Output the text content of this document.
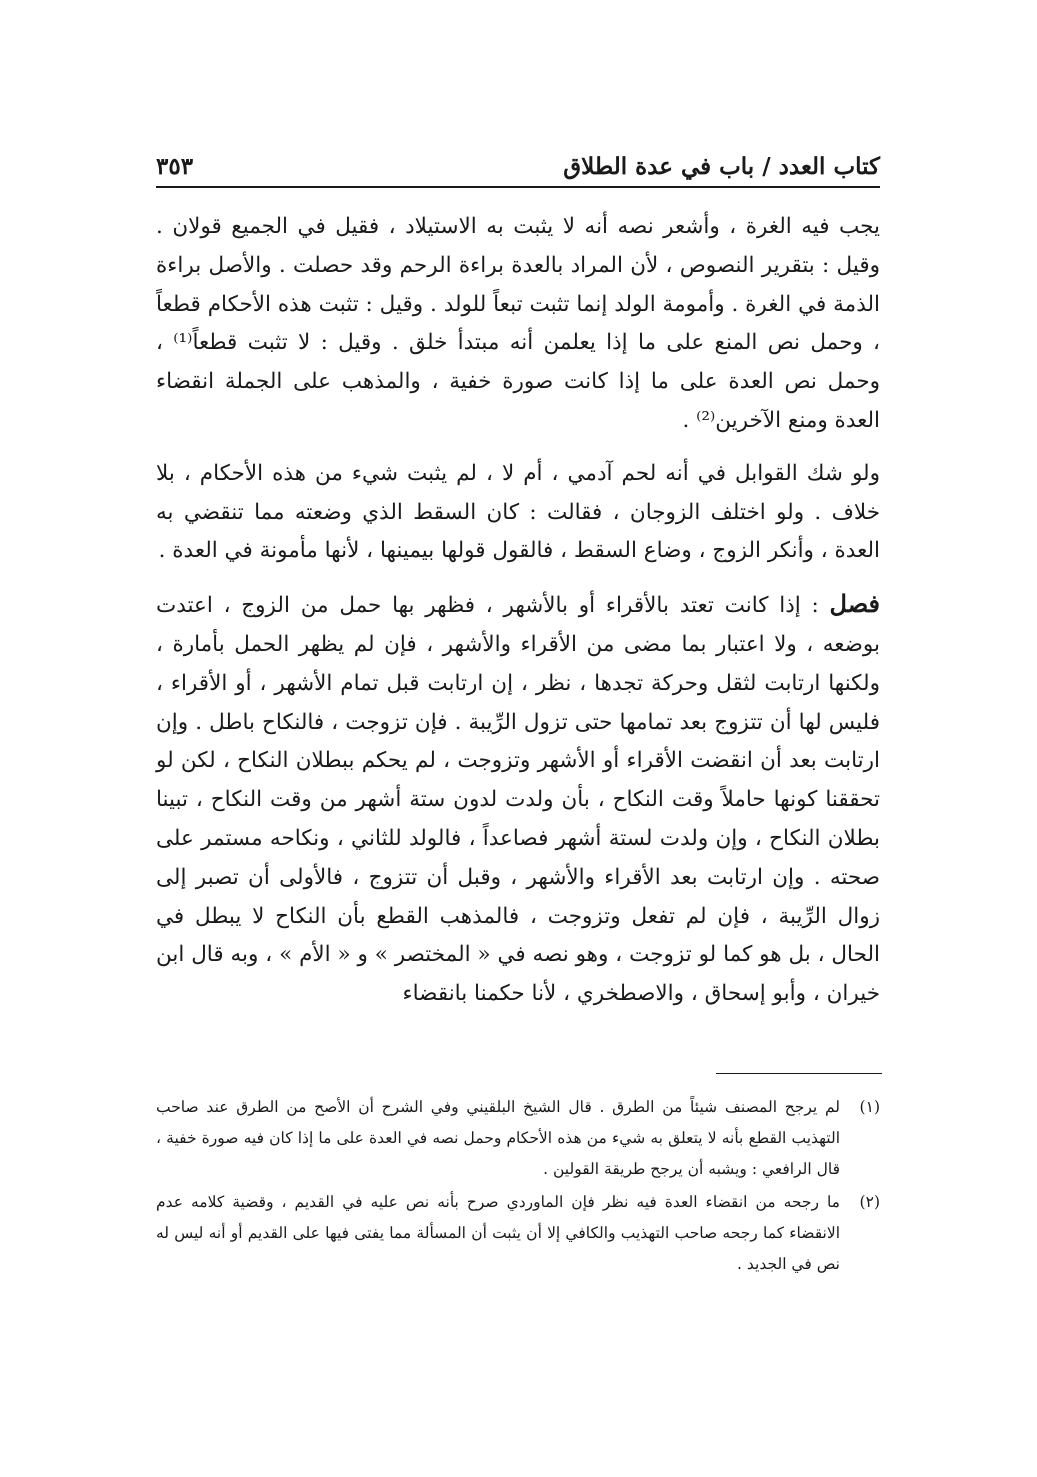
كتاب العدد / باب في عدة الطلاق
٣٥٣

يجب فيه الغرة ، وأشعر نصه أنه لا يثبت به الاستيلاد ، فقيل في الجميع قولان . وقيل : بتقرير النصوص ، لأن المراد بالعدة براءة الرحم وقد حصلت . والأصل براءة الذمة في الغرة . وأمومة الولد إنما تثبت تبعاً للولد . وقيل : تثبت هذه الأحكام قطعاً ، وحمل نص المنع على ما إذا يعلمن أنه مبتدأ خلق . وقيل : لا تثبت قطعاً⁽¹⁾ ، وحمل نص العدة على ما إذا كانت صورة خفية ، والمذهب على الجملة انقضاء العدة ومنع الآخرين⁽²⁾ .

ولو شك القوابل في أنه لحم آدمي ، أم لا ، لم يثبت شيء من هذه الأحكام ، بلا خلاف . ولو اختلف الزوجان ، فقالت : كان السقط الذي وضعته مما تنقضي به العدة ، وأنكر الزوج ، وضاع السقط ، فالقول قولها بيمينها ، لأنها مأمونة في العدة .

فصل : إذا كانت تعتد بالأقراء أو بالأشهر ، فظهر بها حمل من الزوج ، اعتدت بوضعه ، ولا اعتبار بما مضى من الأقراء والأشهر ، فإن لم يظهر الحمل بأمارة ، ولكنها ارتابت لثقل وحركة تجدها ، نظر ، إن ارتابت قبل تمام الأشهر ، أو الأقراء ، فليس لها أن تتزوج بعد تمامها حتى تزول الرِّيبة . فإن تزوجت ، فالنكاح باطل . وإن ارتابت بعد أن انقضت الأقراء أو الأشهر وتزوجت ، لم يحكم ببطلان النكاح ، لكن لو تحققنا كونها حاملاً وقت النكاح ، بأن ولدت لدون ستة أشهر من وقت النكاح ، تبينا بطلان النكاح ، وإن ولدت لستة أشهر فصاعداً ، فالولد للثاني ، ونكاحه مستمر على صحته . وإن ارتابت بعد الأقراء والأشهر ، وقبل أن تتزوج ، فالأولى أن تصبر إلى زوال الرِّيبة ، فإن لم تفعل وتزوجت ، فالمذهب القطع بأن النكاح لا يبطل في الحال ، بل هو كما لو تزوجت ، وهو نصه في « المختصر » و « الأم » ، وبه قال ابن خيران ، وأبو إسحاق ، والاصطخري ، لأنا حكمنا بانقضاء

(١)
لم يرجح المصنف شيئاً من الطرق . قال الشيخ البلقيني وفي الشرح أن الأصح من الطرق عند صاحب التهذيب القطع بأنه لا يتعلق به شيء من هذه الأحكام وحمل نصه في العدة على ما إذا كان فيه صورة خفية ، قال الرافعي : ويشبه أن يرجح طريقة القولين .
(٢)
ما رجحه من انقضاء العدة فيه نظر فإن الماوردي صرح بأنه نص عليه في القديم ، وقضية كلامه عدم الانقضاء كما رجحه صاحب التهذيب والكافي إلا أن يثبت أن المسألة مما يفتى فيها على القديم أو أنه ليس له نص في الجديد .
